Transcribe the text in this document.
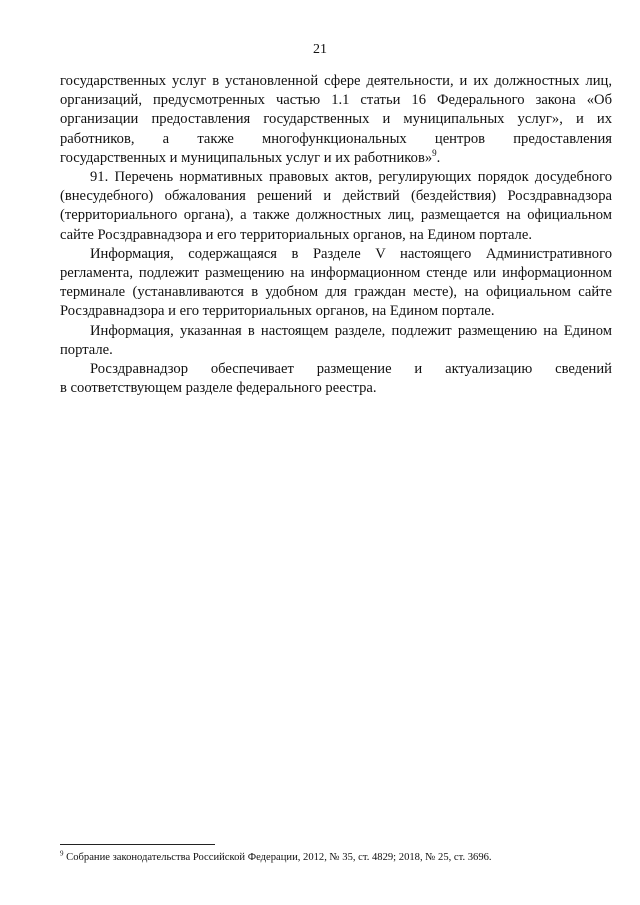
21
государственных услуг в установленной сфере деятельности, и их должностных лиц,
организаций, предусмотренных частью 1.1 статьи 16 Федерального закона «Об
организации предоставления государственных и муниципальных услуг», и их
работников, а также многофункциональных центров предоставления
государственных и муниципальных услуг и их работников»$^9$.
91. Перечень нормативных правовых актов, регулирующих порядок досудебного
(внесудебного) обжалования решений и действий (бездействия) Росздравнадзора
(территориального органа), а также должностных лиц, размещается на официальном
сайте Росздравнадзора и его территориальных органов, на Едином портале.
Информация, содержащаяся в Разделе V настоящего Административного
регламента, подлежит размещению на информационном стенде или информационном
терминале (устанавливаются в удобном для граждан месте), на официальном сайте
Росздравнадзора и его территориальных органов, на Едином портале.
Информация, указанная в настоящем разделе, подлежит размещению на Едином
портале.
Росздравнадзор обеспечивает размещение и актуализацию сведений
в соответствующем разделе федерального реестра.
$^9$ Собрание законодательства Российской Федерации, 2012, № 35, ст. 4829; 2018, № 25, ст. 3696.
